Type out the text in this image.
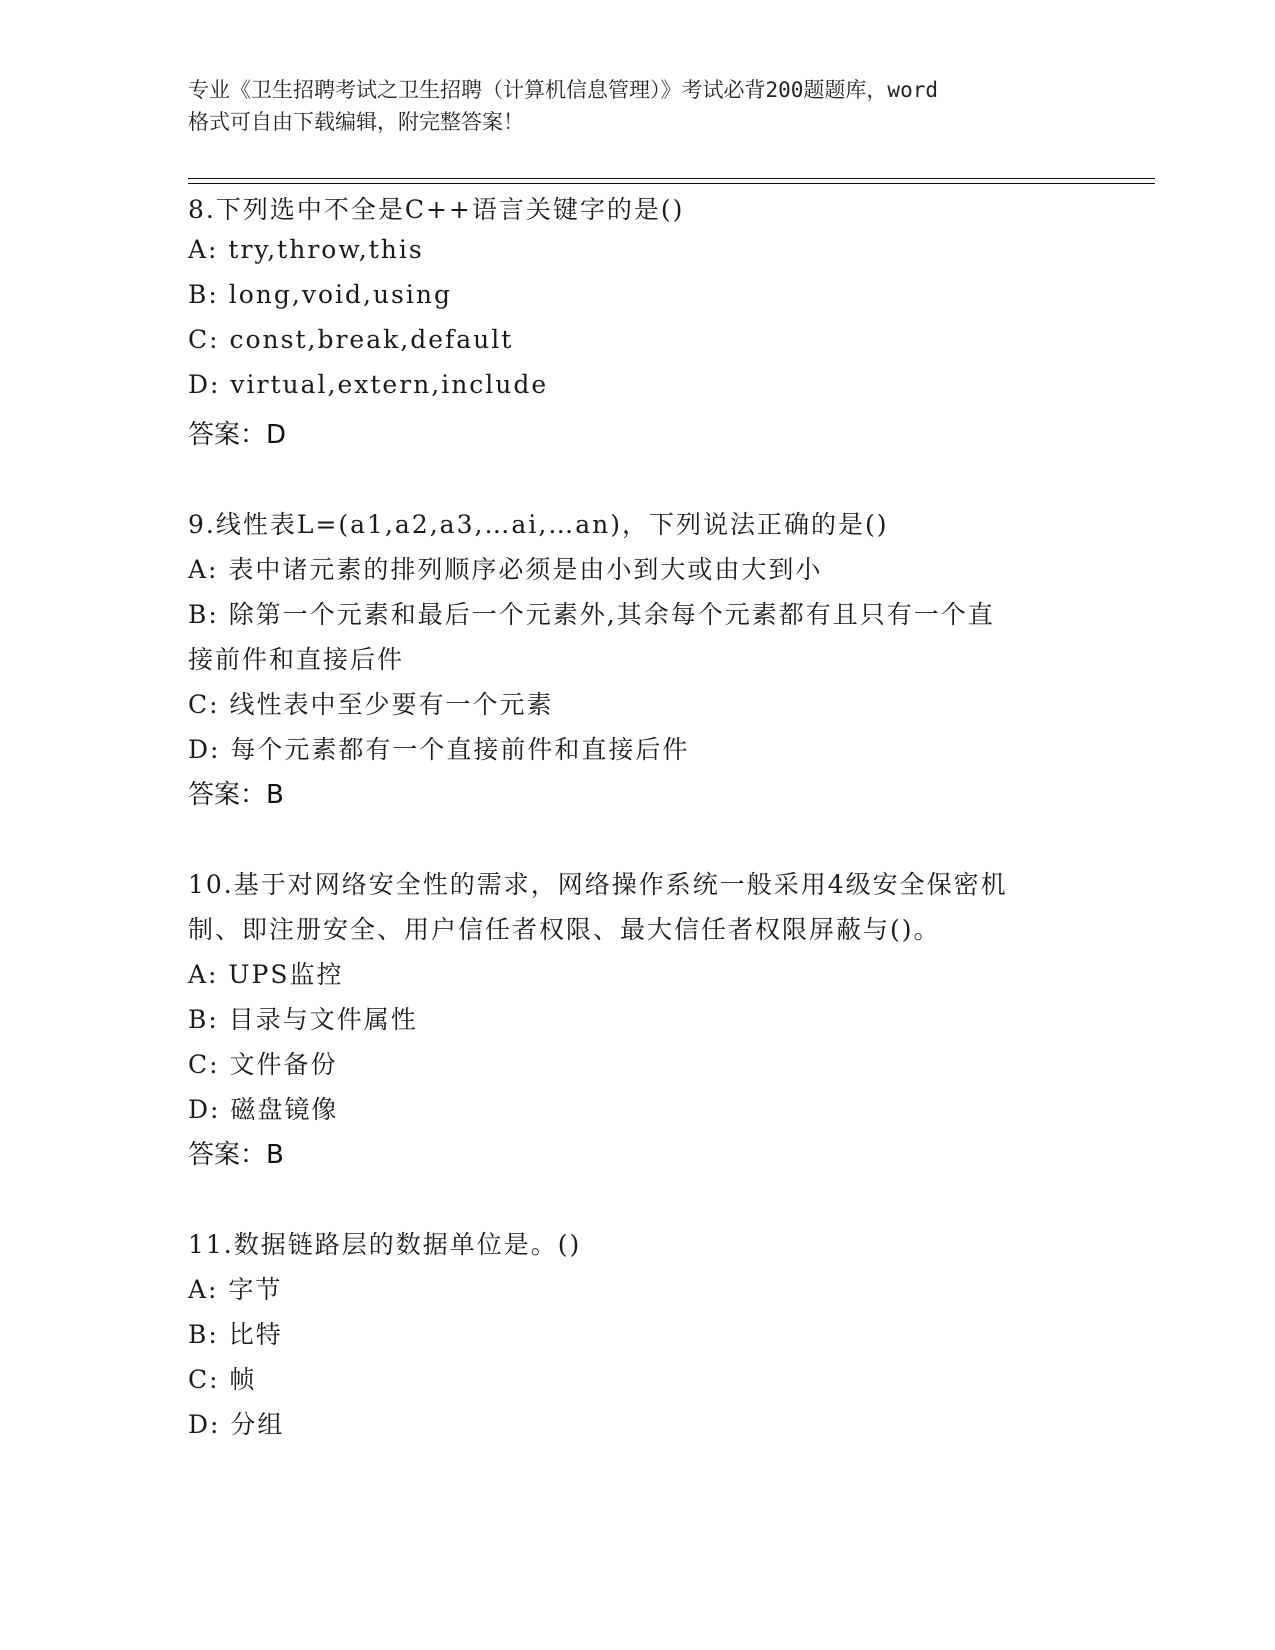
专业《卫生招聘考试之卫生招聘（计算机信息管理）》考试必背200题题库，word
格式可自由下载编辑，附完整答案！
8.下列选中不全是C++语言关键字的是()
A: try,throw,this
B: long,void,using
C: const,break,default
D: virtual,extern,include
答案：D
9.线性表L=(a1,a2,a3,…ai,…an)，下列说法正确的是()
A: 表中诸元素的排列顺序必须是由小到大或由大到小
B: 除第一个元素和最后一个元素外,其余每个元素都有且只有一个直
接前件和直接后件
C: 线性表中至少要有一个元素
D: 每个元素都有一个直接前件和直接后件
答案：B
10.基于对网络安全性的需求，网络操作系统一般采用4级安全保密机
制、即注册安全、用户信任者权限、最大信任者权限屏蔽与()。
A: UPS监控
B: 目录与文件属性
C: 文件备份
D: 磁盘镜像
答案：B
11.数据链路层的数据单位是。()
A: 字节
B: 比特
C: 帧
D: 分组
